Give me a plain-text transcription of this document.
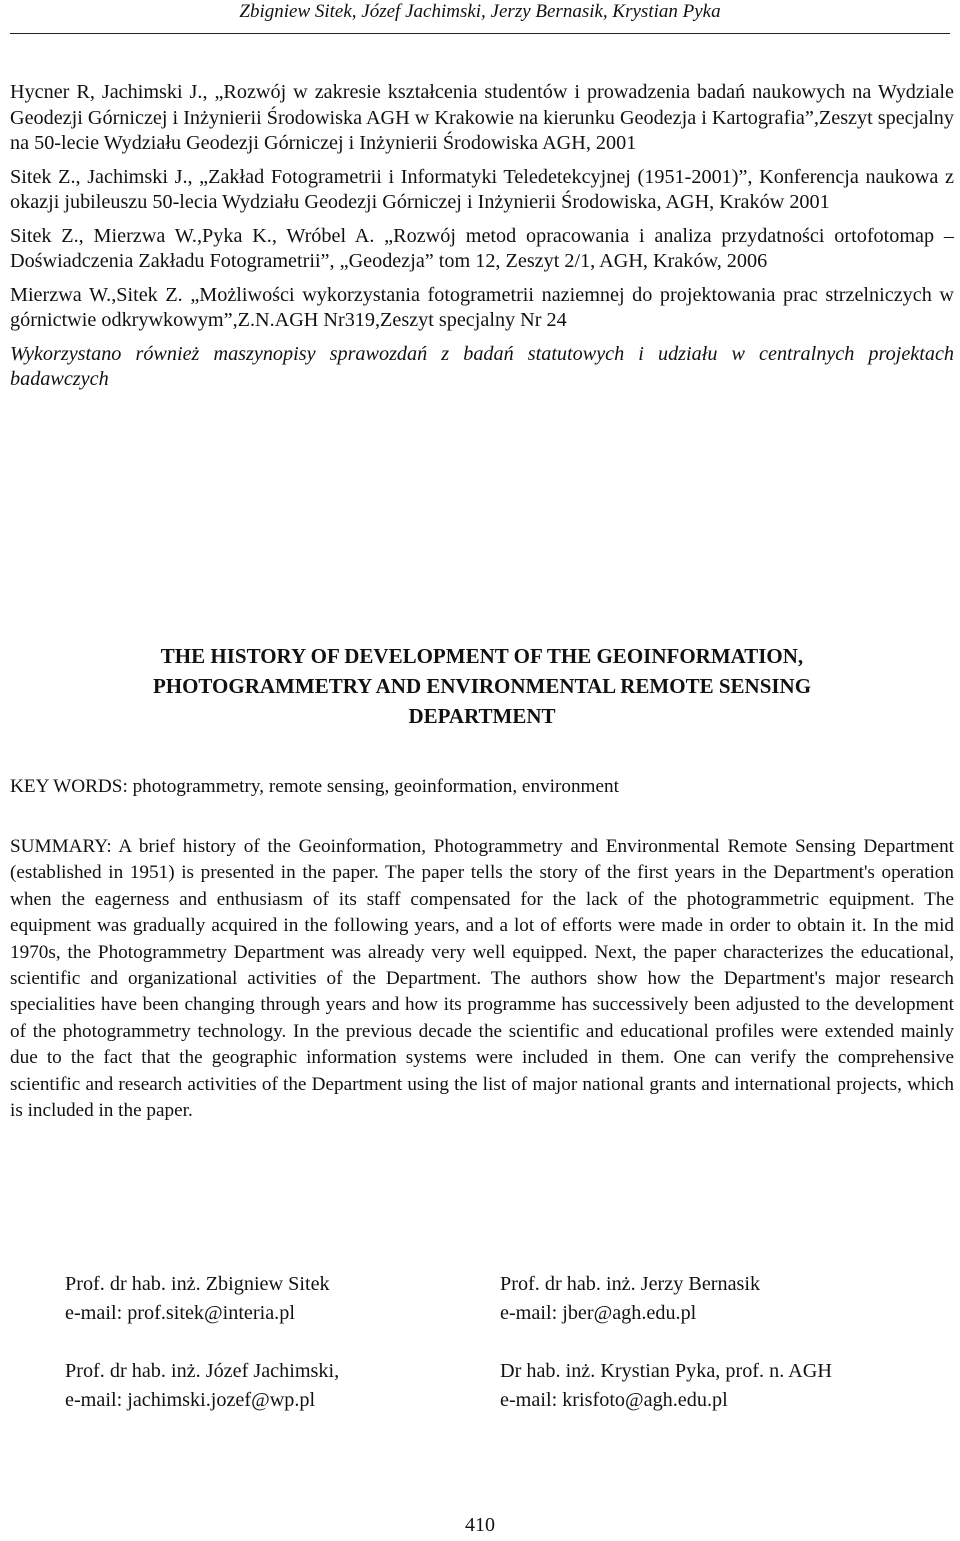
Zbigniew Sitek, Józef Jachimski, Jerzy Bernasik, Krystian Pyka

Hycner R, Jachimski J., „Rozwój w zakresie kształcenia studentów i prowadzenia badań naukowych na Wydziale Geodezji Górniczej i Inżynierii Środowiska AGH w Krakowie na kierunku Geodezja i Kartografia”,Zeszyt specjalny na 50-lecie Wydziału Geodezji Górniczej i Inżynierii Środowiska AGH, 2001

Sitek Z., Jachimski J., „Zakład Fotogrametrii i Informatyki Teledetekcyjnej (1951-2001)”, Konferencja naukowa z okazji jubileuszu 50-lecia Wydziału Geodezji Górniczej i Inżynierii Środowiska, AGH, Kraków 2001

Sitek Z., Mierzwa W.,Pyka K., Wróbel A. „Rozwój metod opracowania i analiza przydatności ortofotomap – Doświadczenia Zakładu Fotogrametrii”, „Geodezja” tom 12, Zeszyt 2/1, AGH, Kraków, 2006

Mierzwa W.,Sitek Z. „Możliwości wykorzystania fotogrametrii naziemnej do projektowania prac strzelniczych w górnictwie odkrywkowym”,Z.N.AGH Nr319,Zeszyt specjalny Nr 24

Wykorzystano również maszynopisy sprawozdań z badań statutowych i udziału w centralnych projektach badawczych

THE HISTORY OF DEVELOPMENT OF THE GEOINFORMATION,
PHOTOGRAMMETRY AND ENVIRONMENTAL REMOTE SENSING
DEPARTMENT
KEY WORDS: photogrammetry, remote sensing, geoinformation, environment
SUMMARY: A brief history of the Geoinformation, Photogrammetry and Environmental Remote Sensing Department (established in 1951) is presented in the paper. The paper tells the story of the first years in the Department's operation when the eagerness and enthusiasm of its staff compensated for the lack of the photogrammetric equipment. The equipment was gradually acquired in the following years, and a lot of efforts were made in order to obtain it. In the mid 1970s, the Photogrammetry Department was already very well equipped. Next, the paper characterizes the educational, scientific and organizational activities of the Department. The authors show how the Department's major research specialities have been changing through years and how its programme has successively been adjusted to the development of the photogrammetry technology. In the previous decade the scientific and educational profiles were extended mainly due to the fact that the geographic information systems were included in them. One can verify the comprehensive scientific and research activities of the Department using the list of major national grants and international projects, which is included in the paper.
Prof. dr hab. inż. Zbigniew Sitek
e-mail: prof.sitek@interia.pl
Prof. dr hab. inż. Jerzy Bernasik
e-mail: jber@agh.edu.pl
Prof. dr hab. inż. Józef Jachimski,
e-mail: jachimski.jozef@wp.pl
Dr hab. inż. Krystian Pyka, prof. n. AGH
e-mail: krisfoto@agh.edu.pl
410
